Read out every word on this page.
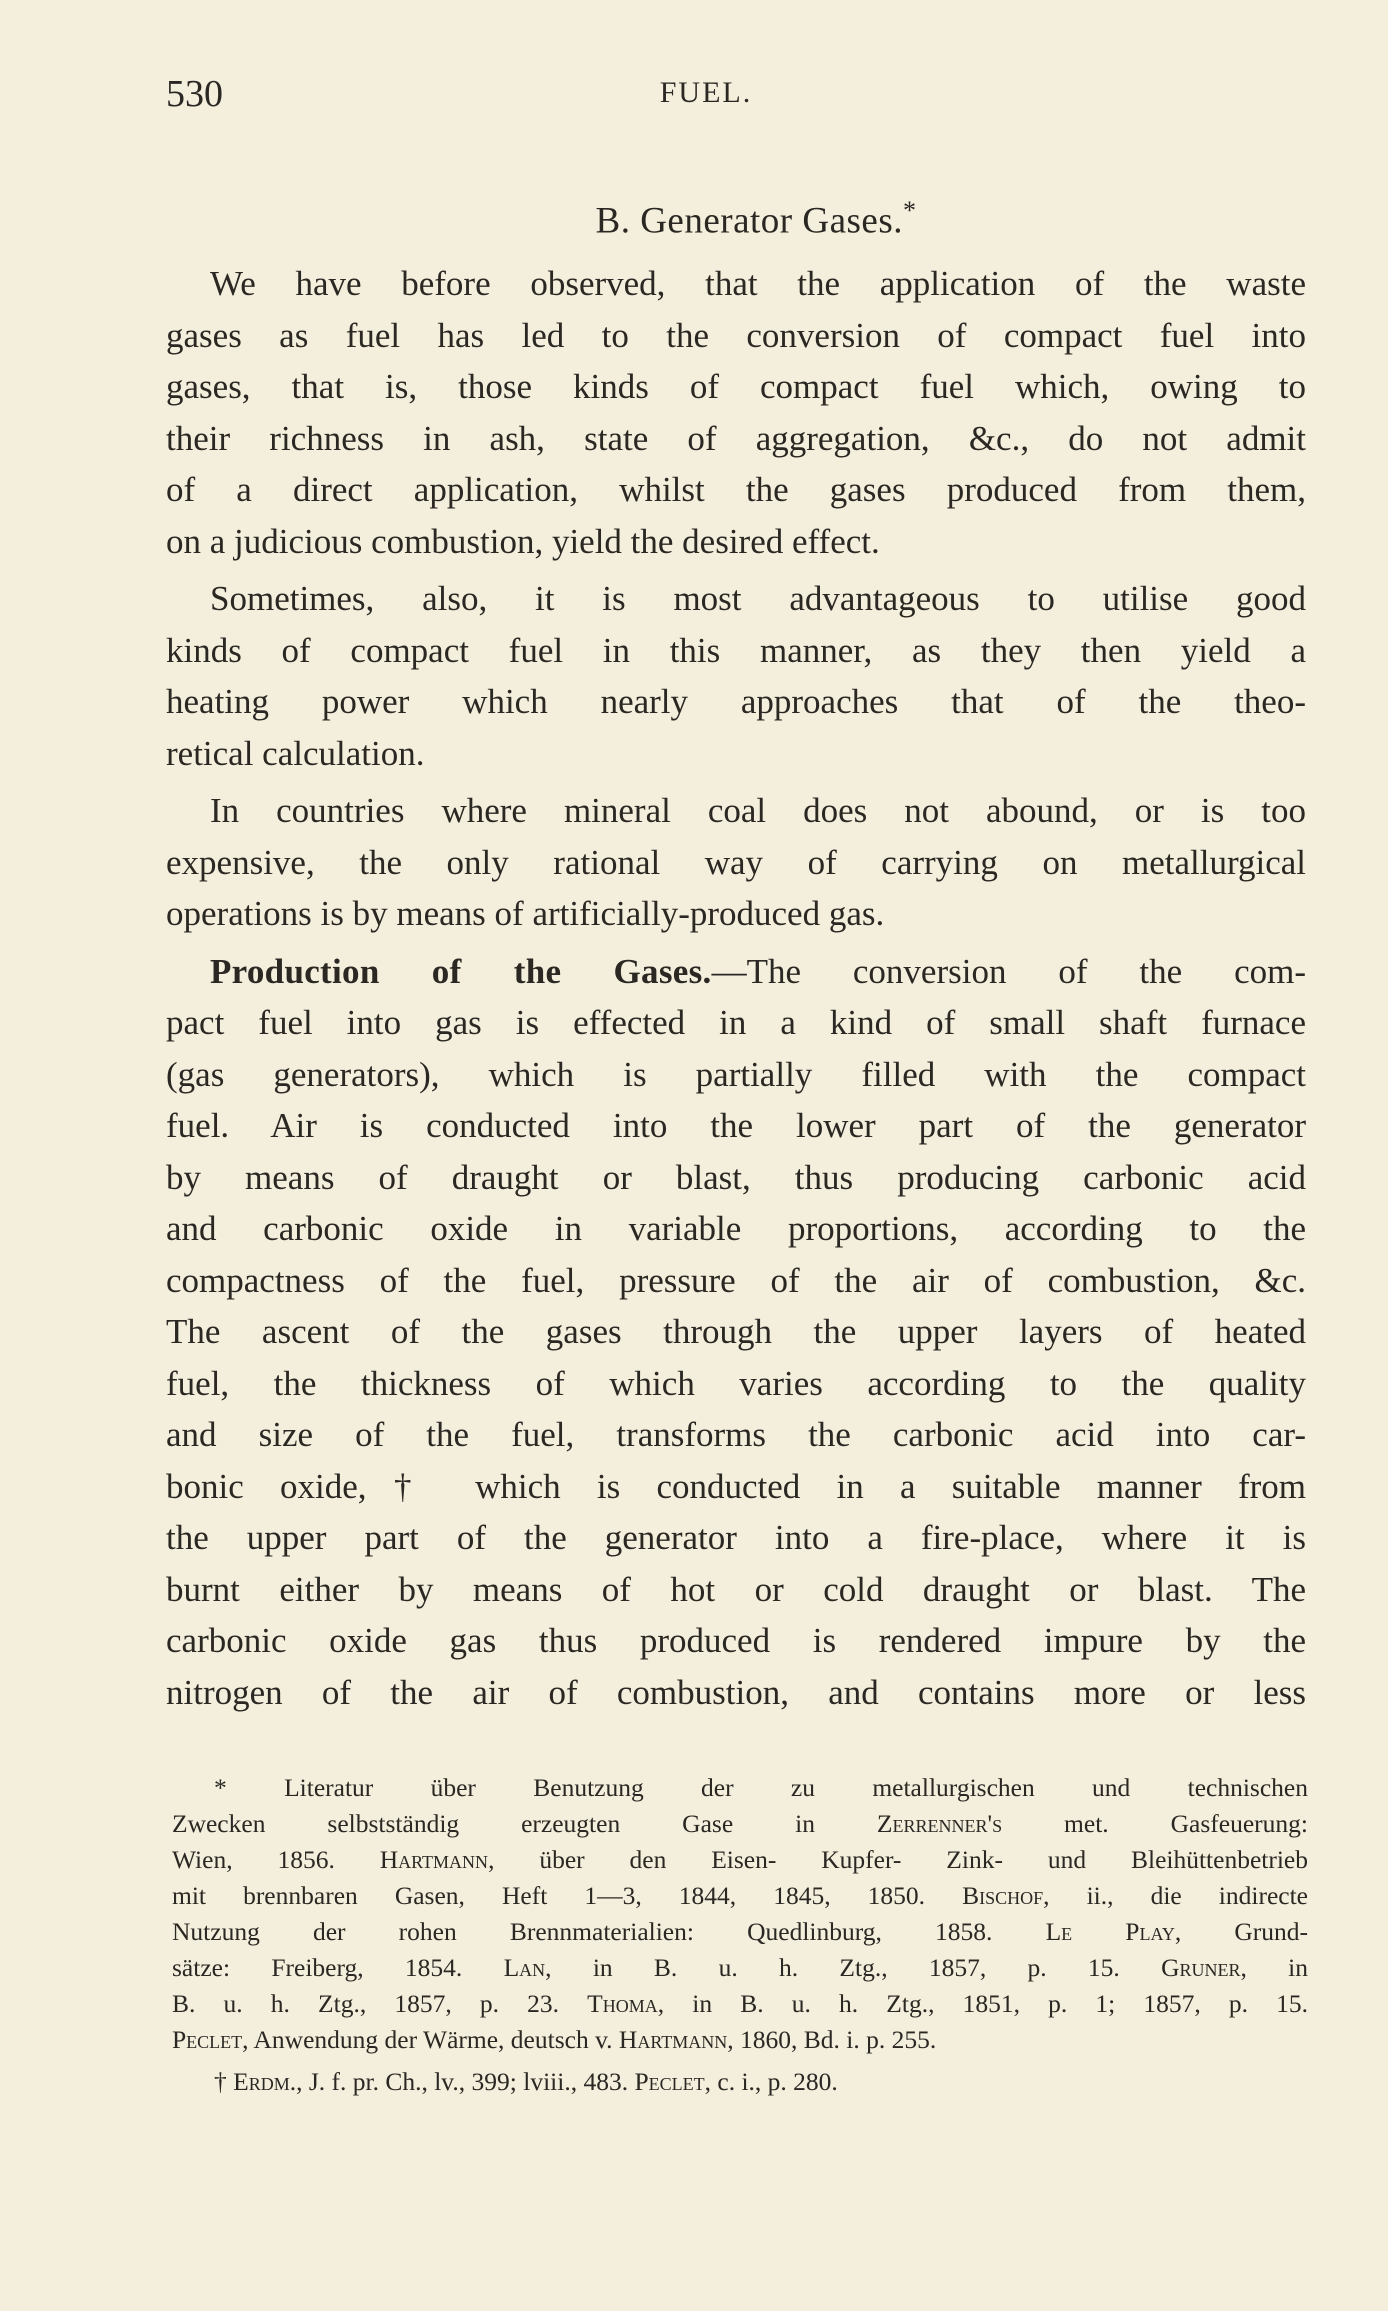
530	FUEL.
B. Generator Gases.*
We have before observed, that the application of the waste
gases as fuel has led to the conversion of compact fuel into
gases, that is, those kinds of compact fuel which, owing to
their richness in ash, state of aggregation, &c., do not admit
of a direct application, whilst the gases produced from them,
on a judicious combustion, yield the desired effect.
Sometimes, also, it is most advantageous to utilise good
kinds of compact fuel in this manner, as they then yield a
heating power which nearly approaches that of the theo-
retical calculation.
In countries where mineral coal does not abound, or is too
expensive, the only rational way of carrying on metallurgical
operations is by means of artificially-produced gas.
Production of the Gases.—The conversion of the com-
pact fuel into gas is effected in a kind of small shaft furnace
(gas generators), which is partially filled with the compact
fuel. Air is conducted into the lower part of the generator
by means of draught or blast, thus producing carbonic acid
and carbonic oxide in variable proportions, according to the
compactness of the fuel, pressure of the air of combustion, &c.
The ascent of the gases through the upper layers of heated
fuel, the thickness of which varies according to the quality
and size of the fuel, transforms the carbonic acid into car-
bonic oxide,† which is conducted in a suitable manner from
the upper part of the generator into a fire-place, where it is
burnt either by means of hot or cold draught or blast. The
carbonic oxide gas thus produced is rendered impure by the
nitrogen of the air of combustion, and contains more or less
* Literatur über Benutzung der zu metallurgischen und technischen
Zwecken selbstständig erzeugten Gase in Zerrenner's met. Gasfeuerung:
Wien, 1856. Hartmann, über den Eisen- Kupfer- Zink- und Bleihüttenbetrieb
mit brennbaren Gasen, Heft 1—3, 1844, 1845, 1850. Bischof, ii., die indirecte
Nutzung der rohen Brennmaterialien: Quedlinburg, 1858. Le Play, Grund-
sätze: Freiberg, 1854. Lan, in B. u. h. Ztg., 1857, p. 15. Gruner, in
B. u. h. Ztg., 1857, p. 23. Thoma, in B. u. h. Ztg., 1851, p. 1; 1857, p. 15.
Peclet, Anwendung der Wärme, deutsch v. Hartmann, 1860, Bd. i. p. 255.
† Erdm., J. f. pr. Ch., lv., 399; lviii., 483. Peclet, c. i., p. 280.
